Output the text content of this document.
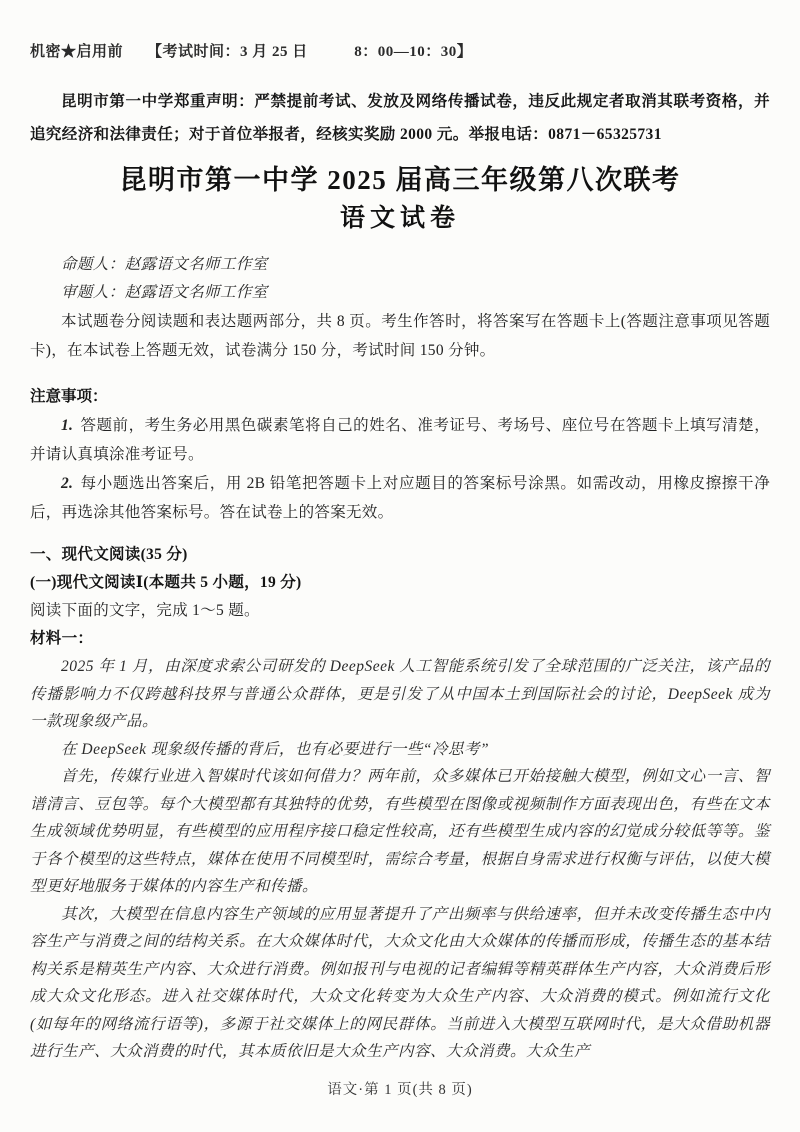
机密★启用前 【考试时间：3 月 25 日　　　8：00—10：30】

昆明市第一中学郑重声明：严禁提前考试、发放及网络传播试卷，违反此规定者取消其联考资格，并追究经济和法律责任；对于首位举报者，经核实奖励 2000 元。举报电话：0871－65325731

昆明市第一中学 2025 届高三年级第八次联考
语文试卷

命题人：赵露语文名师工作室

审题人：赵露语文名师工作室

本试题卷分阅读题和表达题两部分，共 8 页。考生作答时，将答案写在答题卡上(答题注意事项见答题卡)，在本试卷上答题无效，试卷满分 150 分，考试时间 150 分钟。

注意事项：

1. 答题前，考生务必用黑色碳素笔将自己的姓名、准考证号、考场号、座位号在答题卡上填写清楚，并请认真填涂准考证号。

2. 每小题选出答案后，用 2B 铅笔把答题卡上对应题目的答案标号涂黑。如需改动，用橡皮擦擦干净后，再选涂其他答案标号。答在试卷上的答案无效。

一、现代文阅读(35 分)

(一)现代文阅读Ⅰ(本题共 5 小题，19 分)

阅读下面的文字，完成 1～5 题。

材料一：

2025 年 1 月，由深度求索公司研发的 DeepSeek 人工智能系统引发了全球范围的广泛关注，该产品的传播影响力不仅跨越科技界与普通公众群体，更是引发了从中国本土到国际社会的讨论，DeepSeek 成为一款现象级产品。

在 DeepSeek 现象级传播的背后，也有必要进行一些“冷思考”

首先，传媒行业进入智媒时代该如何借力？两年前，众多媒体已开始接触大模型，例如文心一言、智谱清言、豆包等。每个大模型都有其独特的优势，有些模型在图像或视频制作方面表现出色，有些在文本生成领域优势明显，有些模型的应用程序接口稳定性较高，还有些模型生成内容的幻觉成分较低等等。鉴于各个模型的这些特点，媒体在使用不同模型时，需综合考量，根据自身需求进行权衡与评估，以使大模型更好地服务于媒体的内容生产和传播。

其次，大模型在信息内容生产领域的应用显著提升了产出频率与供给速率，但并未改变传播生态中内容生产与消费之间的结构关系。在大众媒体时代，大众文化由大众媒体的传播而形成，传播生态的基本结构关系是精英生产内容、大众进行消费。例如报刊与电视的记者编辑等精英群体生产内容，大众消费后形成大众文化形态。进入社交媒体时代，大众文化转变为大众生产内容、大众消费的模式。例如流行文化(如每年的网络流行语等)，多源于社交媒体上的网民群体。当前进入大模型互联网时代，是大众借助机器进行生产、大众消费的时代，其本质依旧是大众生产内容、大众消费。大众生产

语文·第 1 页(共 8 页)
